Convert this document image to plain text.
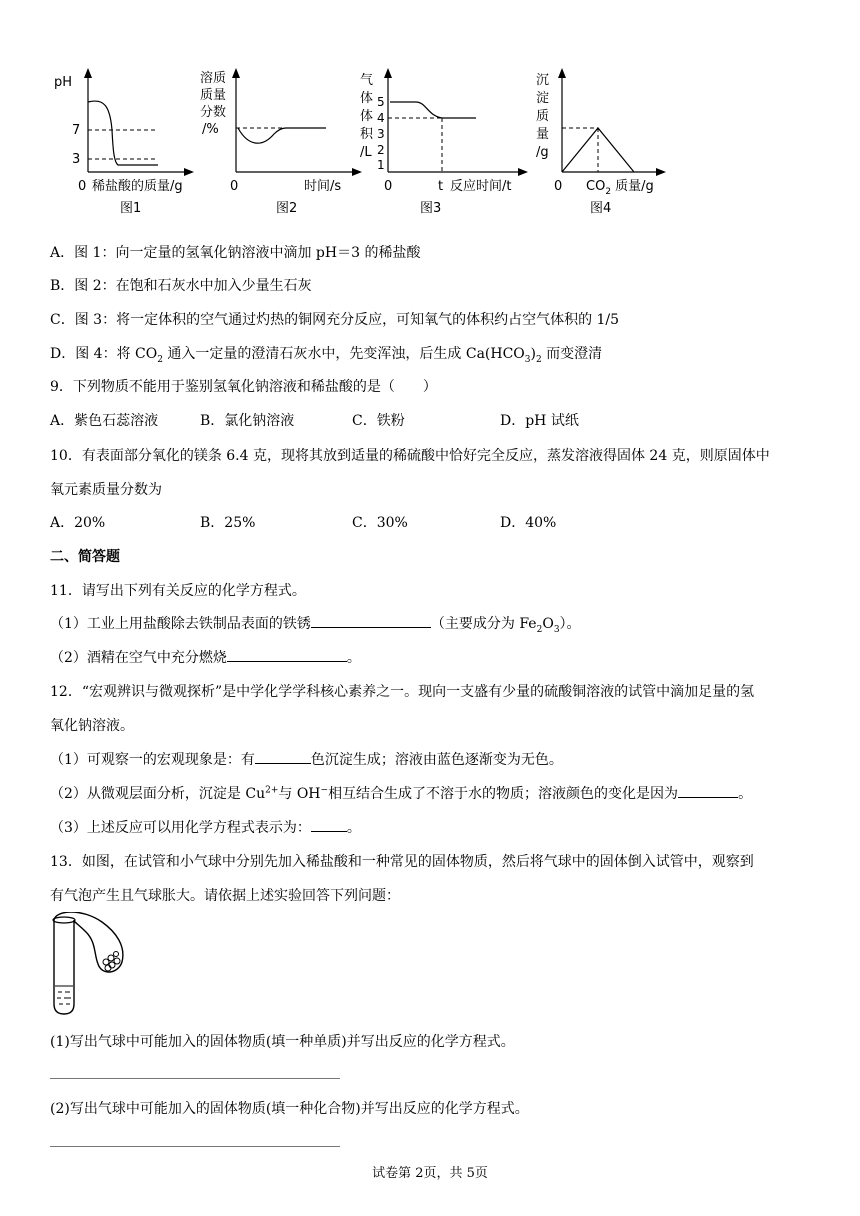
pH
7
3
0 稀盐酸的质量/g
图1
溶质
质量
分数
/%
0	时间/s
图2
气
体
体
积
/L
5
4
3
2
1
0	t 反应时间/t
图3
沉
淀
质
量
/g
0 $CO_2$ 质量/g
图4
A．图 1：向一定量的氢氧化钠溶液中滴加 pH＝3 的稀盐酸
B．图 2：在饱和石灰水中加入少量生石灰
C．图 3：将一定体积的空气通过灼热的铜网充分反应，可知氧气的体积约占空气体积的 1/5
D．图 4：将 $CO_2$ 通入一定量的澄清石灰水中，先变浑浊，后生成 $Ca(HCO_3)_2$ 而变澄清
9．下列物质不能用于鉴别氢氧化钠溶液和稀盐酸的是（　　）
A．紫色石蕊溶液	B．氯化钠溶液	C．铁粉	D．pH 试纸
10．有表面部分氧化的镁条 6.4 克，现将其放到适量的稀硫酸中恰好完全反应，蒸发溶液得固体 24 克，则原固体中
氧元素质量分数为
A．20%	B．25%	C．30%	D．40%
二、简答题
11．请写出下列有关反应的化学方程式。
（1）工业上用盐酸除去铁制品表面的铁锈	（主要成分为 $Fe_2O_3$）。
（2）酒精在空气中充分燃烧	。
12．“宏观辨识与微观探析”是中学化学学科核心素养之一。现向一支盛有少量的硫酸铜溶液的试管中滴加足量的氢
氧化钠溶液。
（1）可观察一的宏观现象是：有	色沉淀生成；溶液由蓝色逐渐变为无色。
（2）从微观层面分析，沉淀是 $Cu^{2+}$与 OH−相互结合生成了不溶于水的物质；溶液颜色的变化是因为	。
（3）上述反应可以用化学方程式表示为：	。
13．如图，在试管和小气球中分别先加入稀盐酸和一种常见的固体物质，然后将气球中的固体倒入试管中，观察到
有气泡产生且气球胀大。请依据上述实验回答下列问题：
(1)写出气球中可能加入的固体物质(填一种单质)并写出反应的化学方程式。
(2)写出气球中可能加入的固体物质(填一种化合物)并写出反应的化学方程式。
试卷第 2页，共 5页
